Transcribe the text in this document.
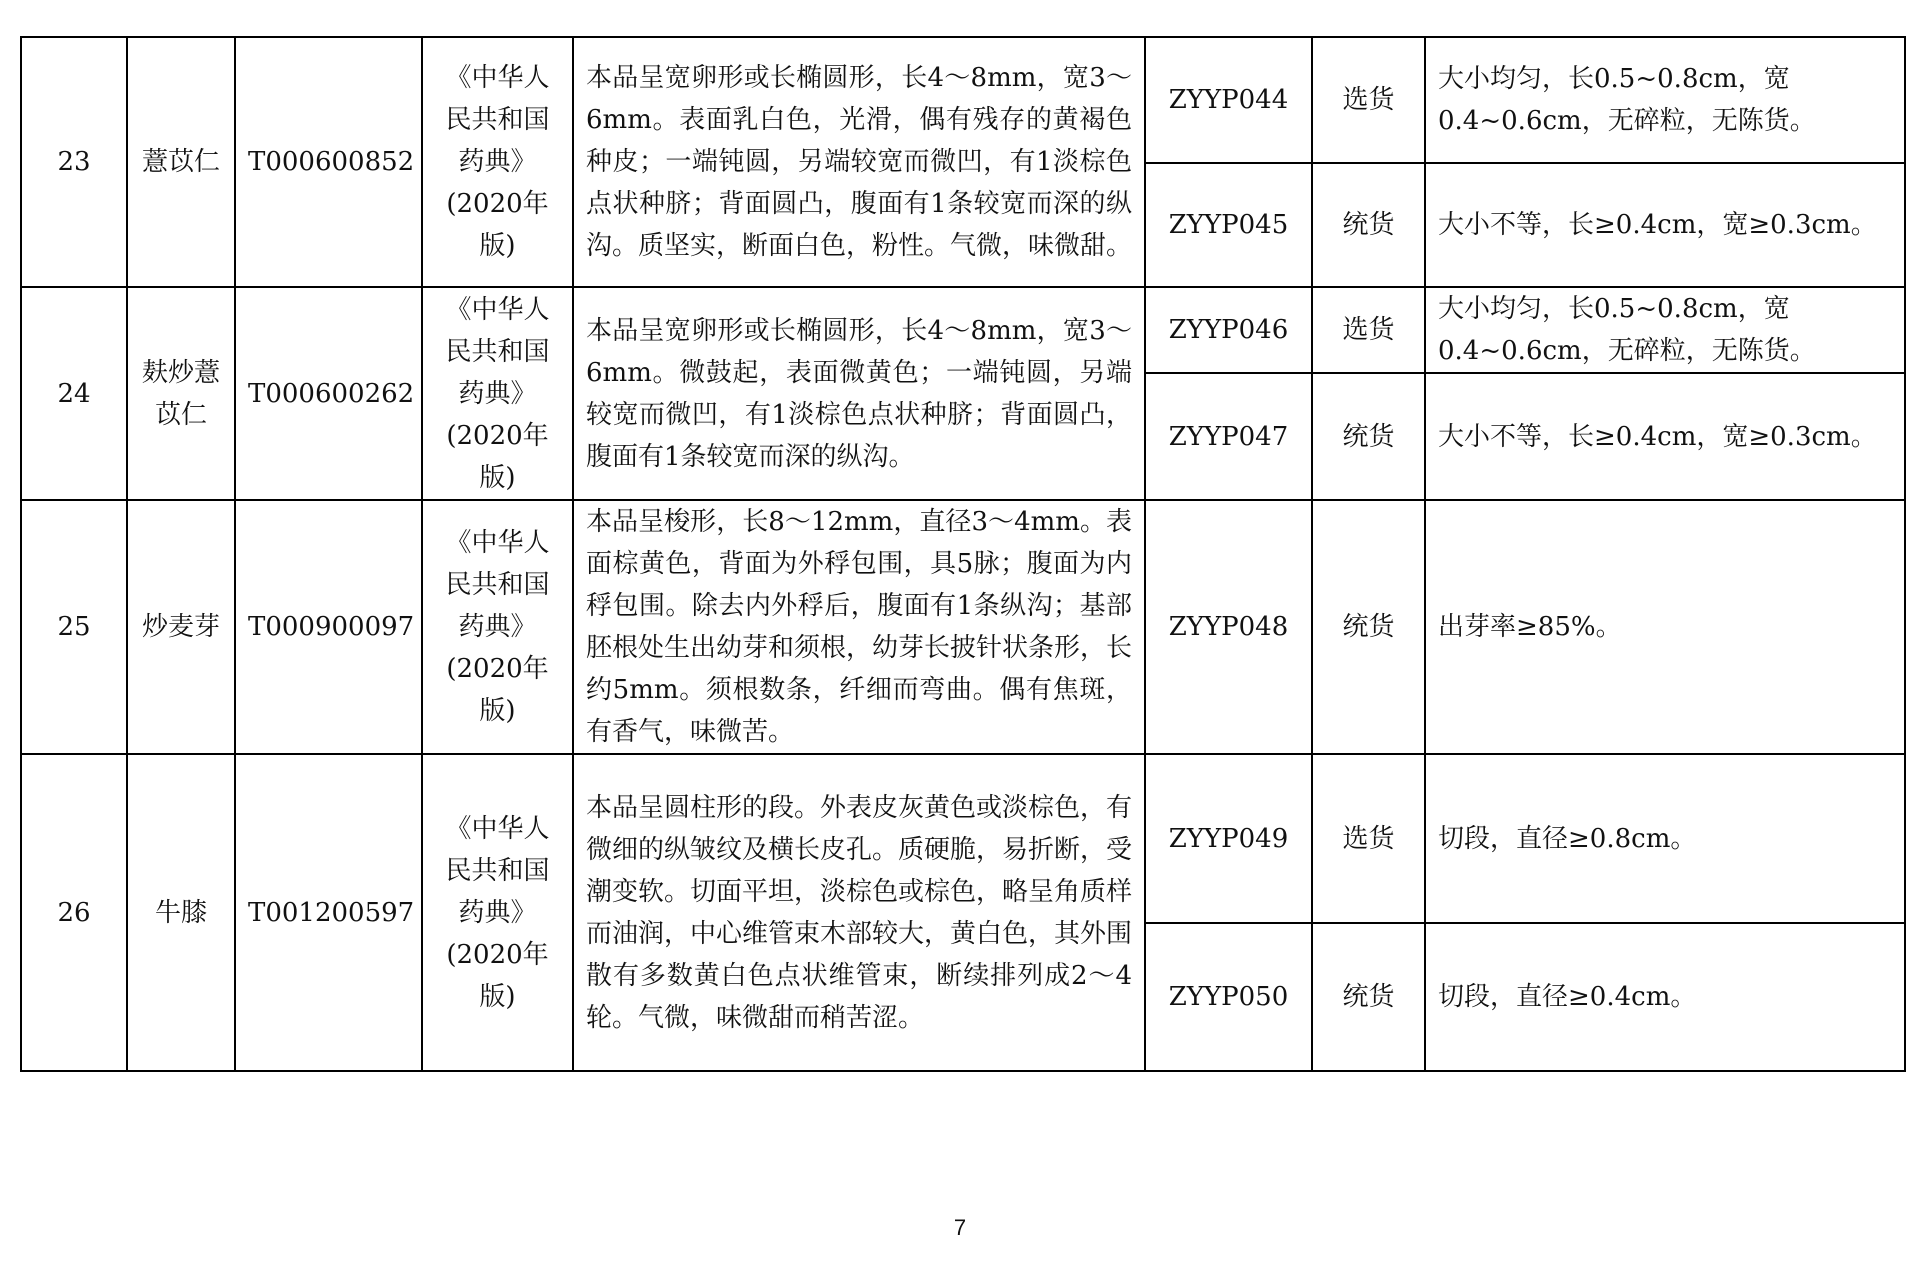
23	薏苡仁	T000600852	《中华人民共和国药典》(2020年版)	本品呈宽卵形或长椭圆形，长4～8mm，宽3～6mm。表面乳白色，光滑，偶有残存的黄褐色种皮；一端钝圆，另端较宽而微凹，有1淡棕色点状种脐；背面圆凸，腹面有1条较宽而深的纵沟。质坚实，断面白色，粉性。气微，味微甜。	ZYYP044	选货	大小均匀，长0.5~0.8cm，宽0.4~0.6cm，无碎粒，无陈货。
					ZYYP045	统货	大小不等，长≥0.4cm，宽≥0.3cm。
24	麸炒薏苡仁	T000600262	《中华人民共和国药典》(2020年版)	本品呈宽卵形或长椭圆形，长4～8mm，宽3～6mm。微鼓起，表面微黄色；一端钝圆，另端较宽而微凹，有1淡棕色点状种脐；背面圆凸，腹面有1条较宽而深的纵沟。	ZYYP046	选货	大小均匀，长0.5~0.8cm，宽0.4~0.6cm，无碎粒，无陈货。
					ZYYP047	统货	大小不等，长≥0.4cm，宽≥0.3cm。
25	炒麦芽	T000900097	《中华人民共和国药典》(2020年版)	本品呈梭形，长8～12mm，直径3～4mm。表面棕黄色，背面为外稃包围，具5脉；腹面为内稃包围。除去内外稃后，腹面有1条纵沟；基部胚根处生出幼芽和须根，幼芽长披针状条形，长约5mm。须根数条，纤细而弯曲。偶有焦斑，有香气，味微苦。	ZYYP048	统货	出芽率≥85%。
26	牛膝	T001200597	《中华人民共和国药典》(2020年版)	本品呈圆柱形的段。外表皮灰黄色或淡棕色，有微细的纵皱纹及横长皮孔。质硬脆，易折断，受潮变软。切面平坦，淡棕色或棕色，略呈角质样而油润，中心维管束木部较大，黄白色，其外围散有多数黄白色点状维管束，断续排列成2～4轮。气微，味微甜而稍苦涩。	ZYYP049	选货	切段，直径≥0.8cm。
					ZYYP050	统货	切段，直径≥0.4cm。
7
